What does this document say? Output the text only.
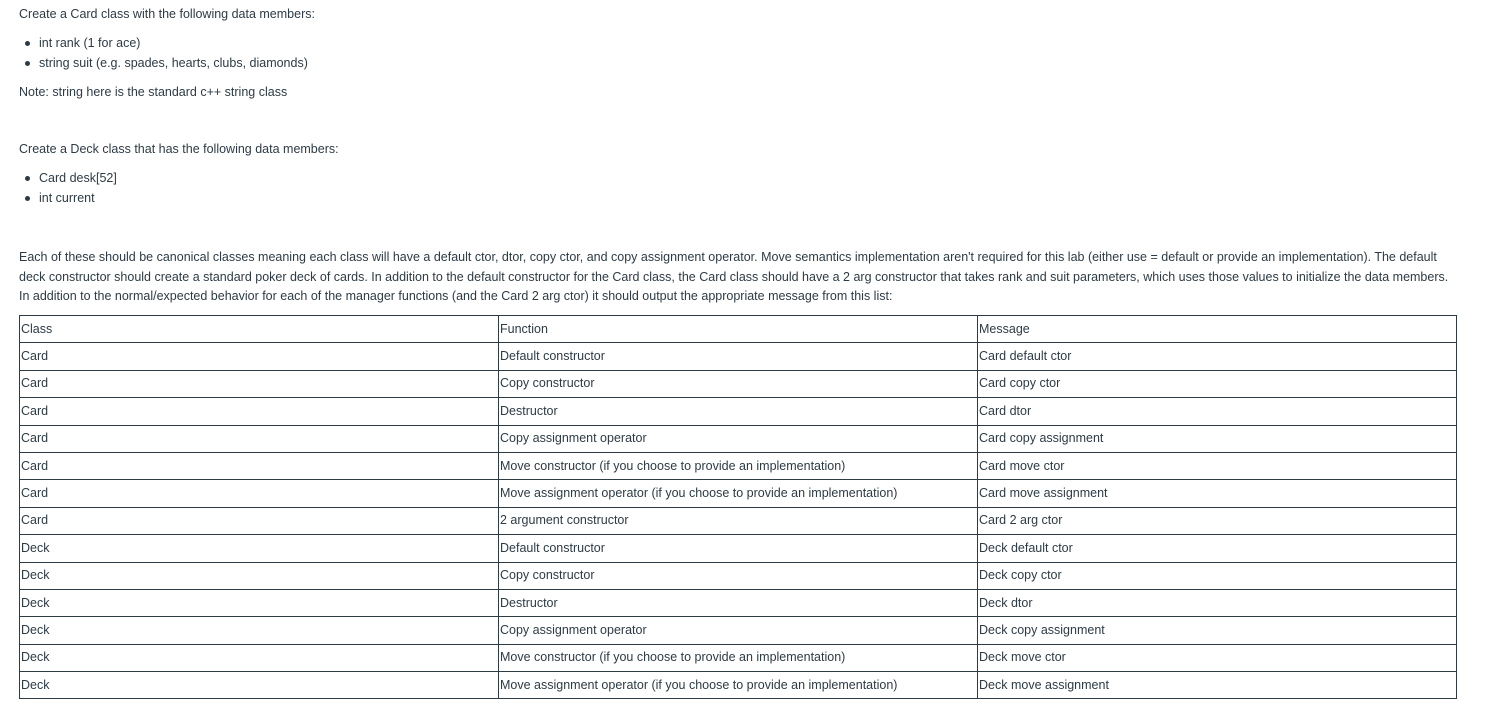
Create a Card class with the following data members:

int rank (1 for ace)
string suit (e.g. spades, hearts, clubs, diamonds)

Note: string here is the standard c++ string class

Create a Deck class that has the following data members:

Card desk[52]
int current

Each of these should be canonical classes meaning each class will have a default ctor, dtor, copy ctor, and copy assignment operator. Move semantics implementation aren't required for this lab (either use = default or provide an implementation). The default deck constructor should create a standard poker deck of cards. In addition to the default constructor for the Card class, the Card class should have a 2 arg constructor that takes rank and suit parameters, which uses those values to initialize the data members. In addition to the normal/expected behavior for each of the manager functions (and the Card 2 arg ctor) it should output the appropriate message from this list:

Class	Function	Message
Card	Default constructor	Card default ctor
Card	Copy constructor	Card copy ctor
Card	Destructor	Card dtor
Card	Copy assignment operator	Card copy assignment
Card	Move constructor (if you choose to provide an implementation)	Card move ctor
Card	Move assignment operator (if you choose to provide an implementation)	Card move assignment
Card	2 argument constructor	Card 2 arg ctor
Deck	Default constructor	Deck default ctor
Deck	Copy constructor	Deck copy ctor
Deck	Destructor	Deck dtor
Deck	Copy assignment operator	Deck copy assignment
Deck	Move constructor (if you choose to provide an implementation)	Deck move ctor
Deck	Move assignment operator (if you choose to provide an implementation)	Deck move assignment
